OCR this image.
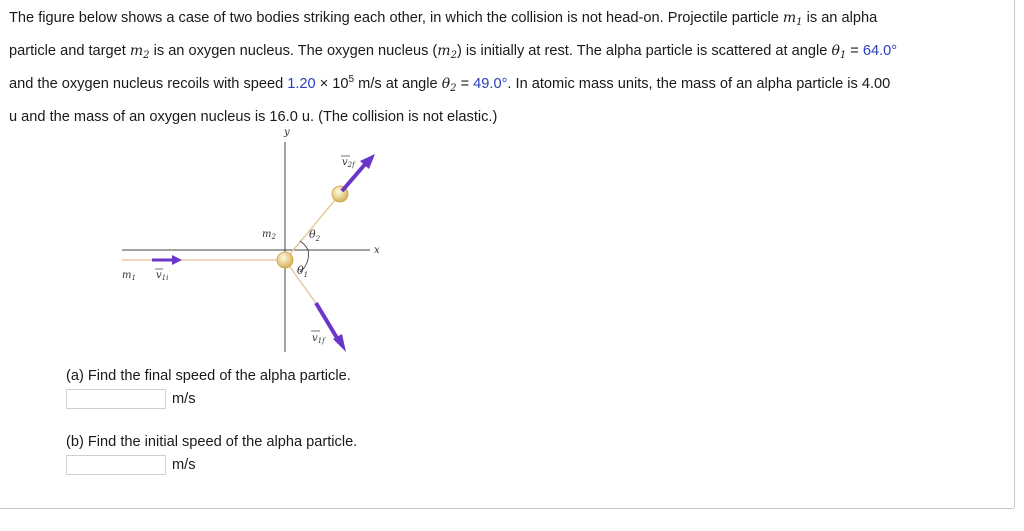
The figure below shows a case of two bodies striking each other, in which the collision is not head-on. Projectile particle $m_1$ is an alpha

particle and target $m_2$ is an oxygen nucleus. The oxygen nucleus $(m_2)$ is initially at rest. The alpha particle is scattered at angle $\theta_1 = 64.0^\circ$

and the oxygen nucleus recoils with speed $1.20 \times 10^5$ m/s at angle $\theta_2 = 49.0^\circ$. In atomic mass units, the mass of an alpha particle is 4.00

u and the mass of an oxygen nucleus is 16.0 u. (The collision is not elastic.)

y
x
$\theta_2$
$\theta_1$
$m_2$
$v_{2f}$
$v_{1f}$
$v_{1i}$
$m_1$
(a) Find the final speed of the alpha particle.
m/s
(b) Find the initial speed of the alpha particle.
m/s
